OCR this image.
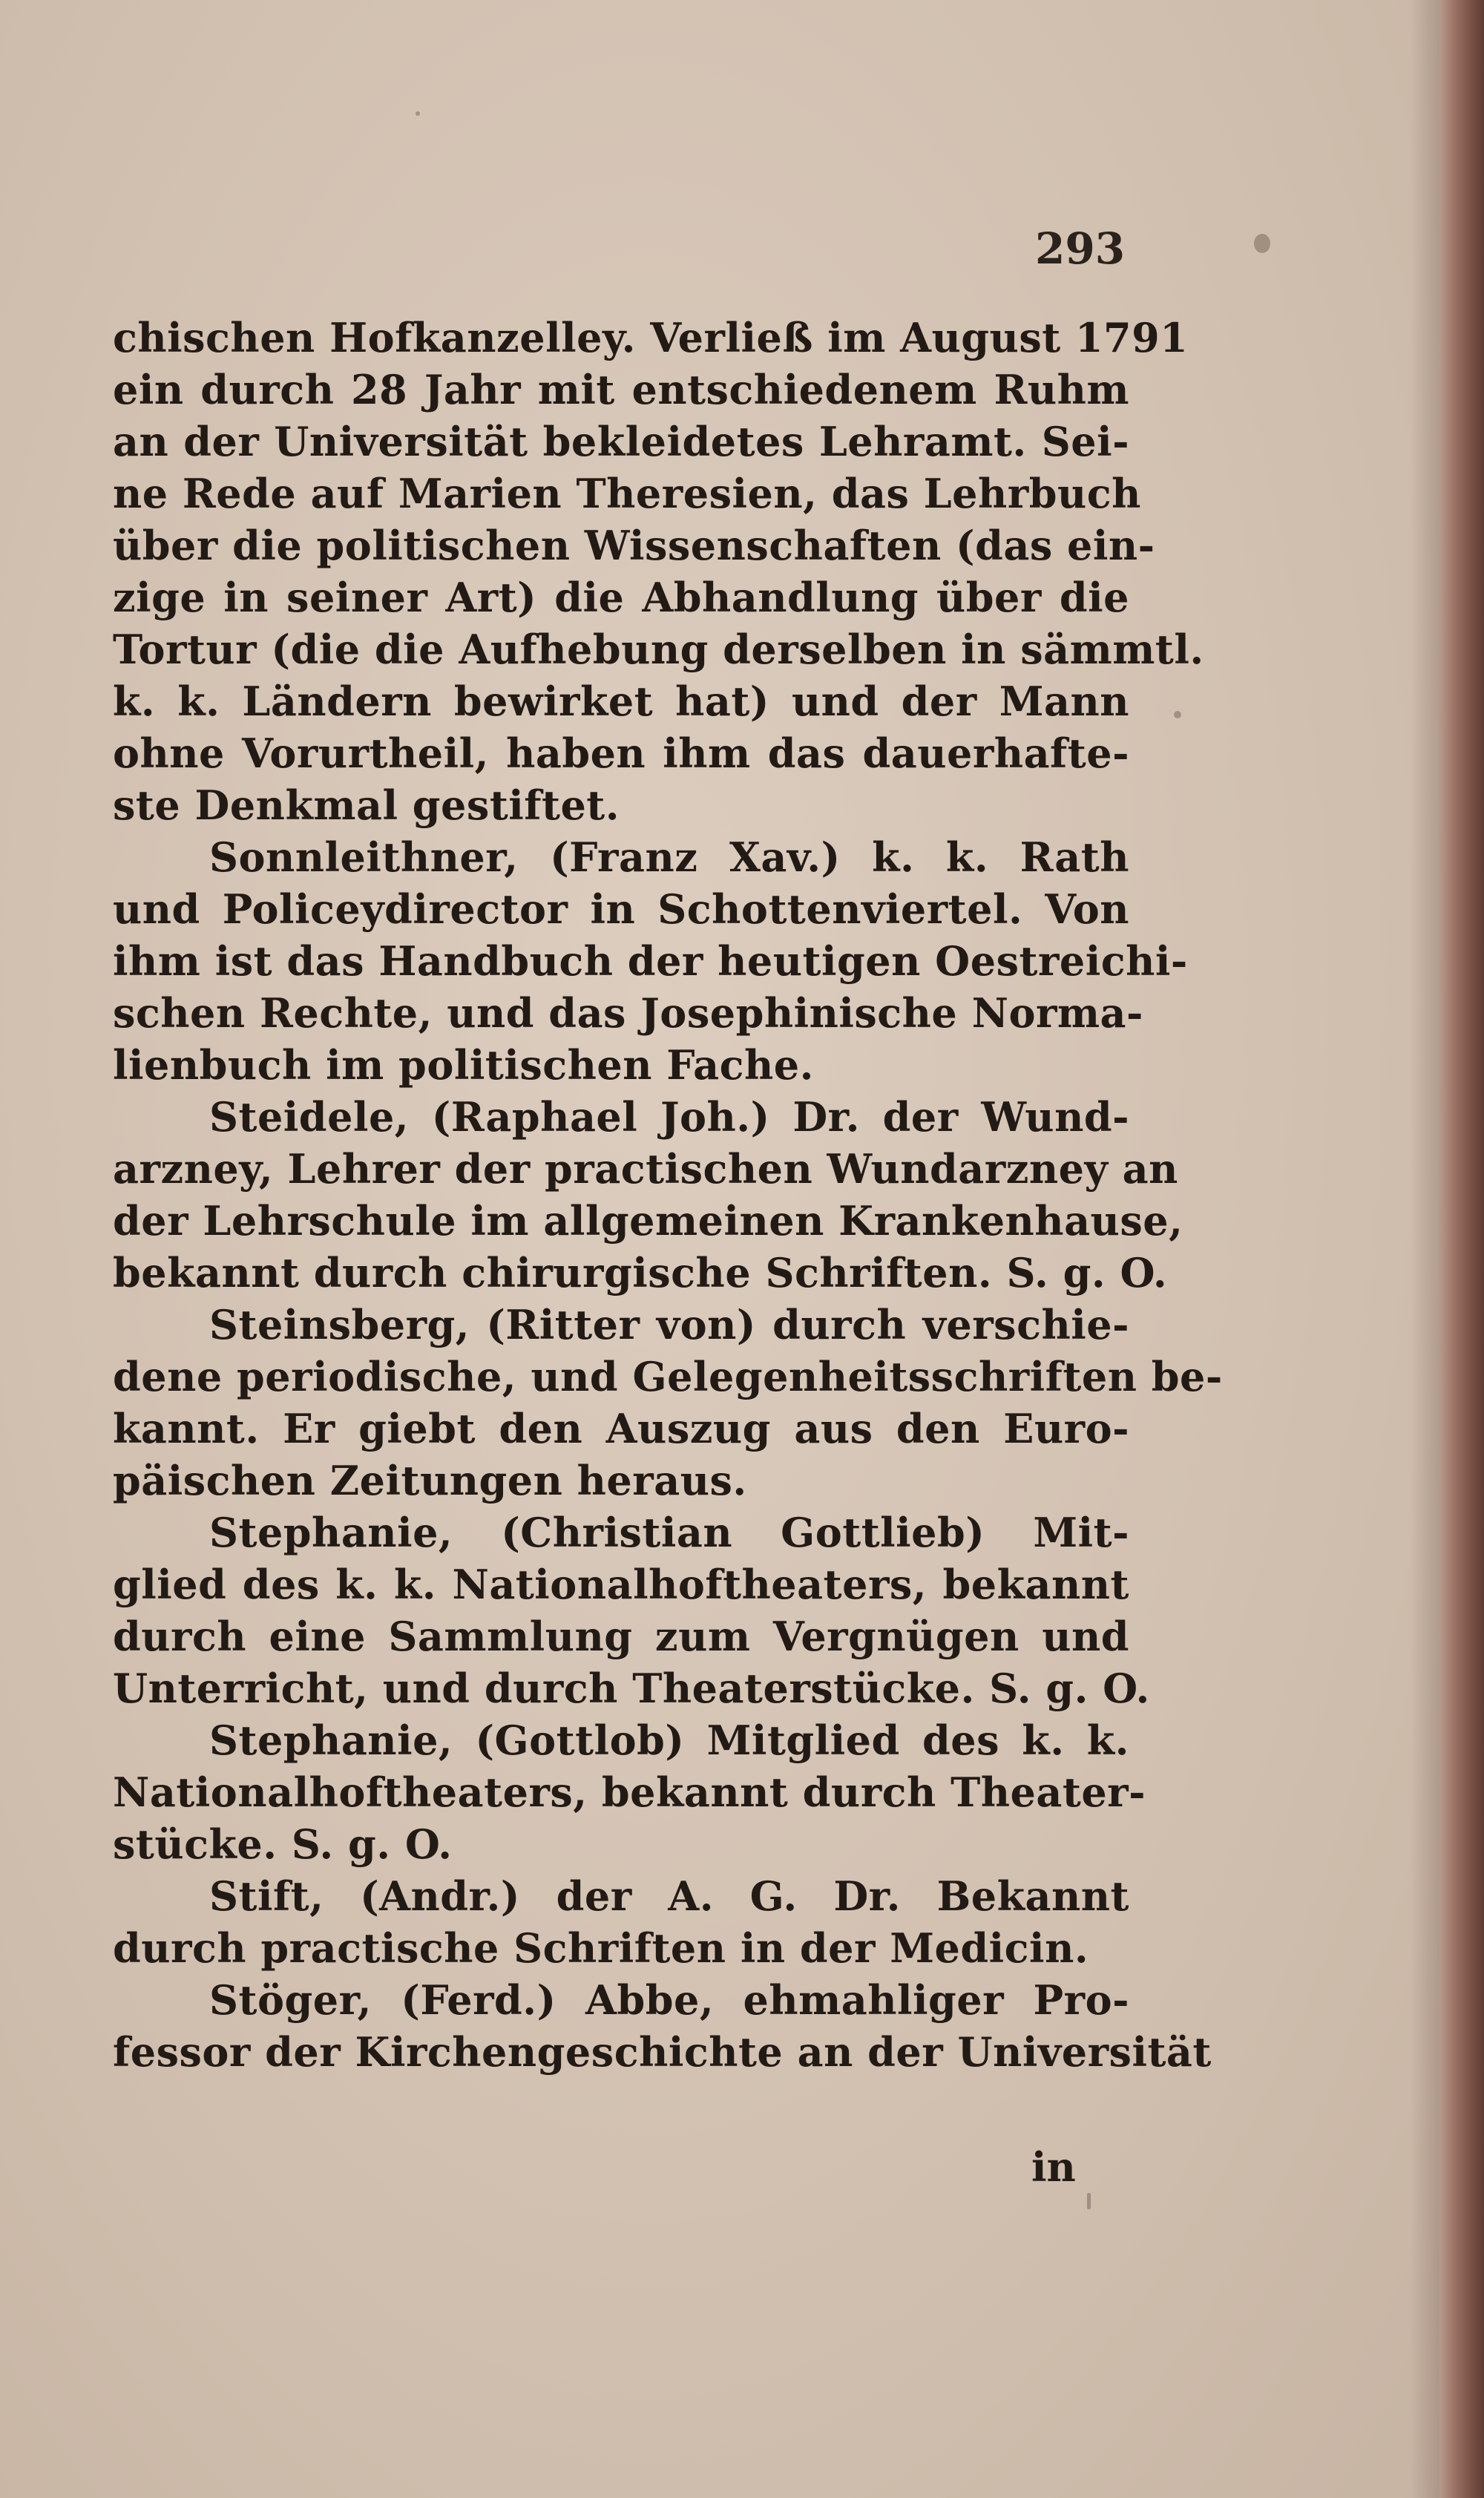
293
chischen Hofkanzelley. Verließ im August 1791
ein durch 28 Jahr mit entschiedenem Ruhm
an der Universität bekleidetes Lehramt. Sei-
ne Rede auf Marien Theresien, das Lehrbuch
über die politischen Wissenschaften (das ein-
zige in seiner Art) die Abhandlung über die
Tortur (die die Aufhebung derselben in sämmtl.
k. k. Ländern bewirket hat) und der Mann
ohne Vorurtheil, haben ihm das dauerhafte-
ste Denkmal gestiftet.
Sonnleithner, (Franz Xav.) k. k. Rath
und Policeydirector in Schottenviertel. Von
ihm ist das Handbuch der heutigen Oestreichi-
schen Rechte, und das Josephinische Norma-
lienbuch im politischen Fache.
Steidele, (Raphael Joh.) Dr. der Wund-
arzney, Lehrer der practischen Wundarzney an
der Lehrschule im allgemeinen Krankenhause,
bekannt durch chirurgische Schriften. S. g. O.
Steinsberg, (Ritter von) durch verschie-
dene periodische, und Gelegenheitsschriften be-
kannt. Er giebt den Auszug aus den Euro-
päischen Zeitungen heraus.
Stephanie, (Christian Gottlieb) Mit-
glied des k. k. Nationalhoftheaters, bekannt
durch eine Sammlung zum Vergnügen und
Unterricht, und durch Theaterstücke. S. g. O.
Stephanie, (Gottlob) Mitglied des k. k.
Nationalhoftheaters, bekannt durch Theater-
stücke. S. g. O.
Stift, (Andr.) der A. G. Dr. Bekannt
durch practische Schriften in der Medicin.
Stöger, (Ferd.) Abbe, ehmahliger Pro-
fessor der Kirchengeschichte an der Universität
in
